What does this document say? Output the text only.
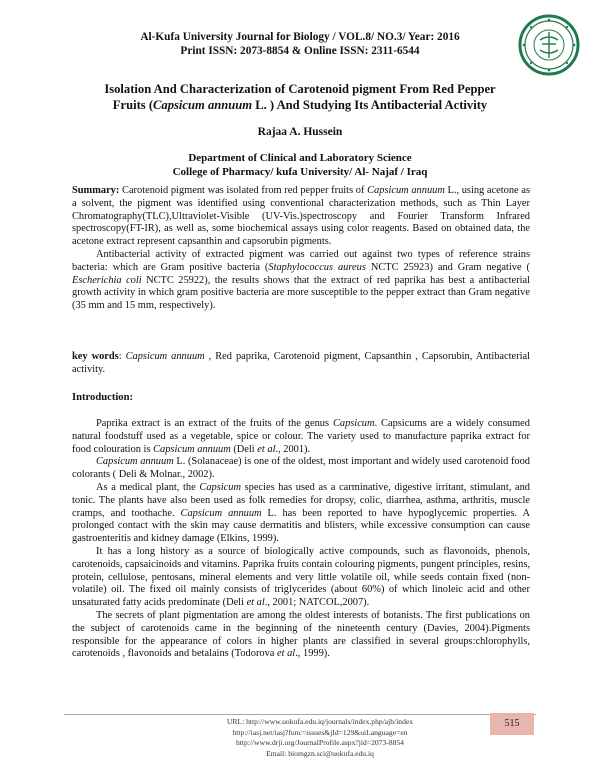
Al-Kufa University Journal for Biology / VOL.8/ NO.3/ Year: 2016
Print ISSN: 2073-8854 & Online ISSN: 2311-6544
Isolation And Characterization of Carotenoid pigment From Red Pepper
Fruits (Capsicum annuum L. ) And Studying Its Antibacterial Activity
Rajaa A. Hussein
Department of Clinical and Laboratory Science
College of Pharmacy/ kufa University/ Al- Najaf / Iraq

Summary: Carotenoid pigment was isolated from red pepper fruits of Capsicum annuum L., using acetone as a solvent, the pigment was identified using conventional characterization methods, such as Thin Layer Chromatography(TLC),Ultraviolet-Visible (UV-Vis.)spectroscopy and Fourier Transform Infrared spectroscopy(FT-IR), as well as, some biochemical assays using color reagents. Based on obtained data, the acetone extract represent capsanthin and capsorubin pigments.

Antibacterial activity of extracted pigment was carried out against two types of reference strains bacteria: which are Gram positive bacteria (Staphylococcus aureus NCTC 25923) and Gram negative ( Escherichia coli NCTC 25922), the results shows that the extract of red paprika has best a antibacterial growth activity in which gram positive bacteria are more susceptible to the pepper extract than Gram negative (35 mm and 15 mm, respectively).

key words: Capsicum annuum , Red paprika, Carotenoid pigment, Capsanthin , Capsorubin, Antibacterial activity.

Introduction:

Paprika extract is an extract of the fruits of the genus Capsicum. Capsicums are a widely consumed natural foodstuff used as a vegetable, spice or colour. The variety used to manufacture paprika extract for food colouration is Capsicum annuum (Deli et al., 2001).

Capsicum annuum L. (Solanaceae) is one of the oldest, most important and widely used carotenoid food colorants ( Deli & Molnar., 2002).

As a medical plant, the Capsicum species has used as a carminative, digestive irritant, stimulant, and tonic. The plants have also been used as folk remedies for dropsy, colic, diarrhea, asthma, arthritis, muscle cramps, and toothache. Capsicum annuum L. has been reported to have hypoglycemic properties. A prolonged contact with the skin may cause dermatitis and blisters, while excessive consumption can cause gastroenteritis and kidney damage (Elkins, 1999).

It has a long history as a source of biologically active compounds, such as flavonoids, phenols, carotenoids, capsaicinoids and vitamins. Paprika fruits contain colouring pigments, pungent principles, resins, protein, cellulose, pentosans, mineral elements and very little volatile oil, while seeds contain fixed (non-volatile) oil. The fixed oil mainly consists of triglycerides (about 60%) of which linoleic acid and other unsaturated fatty acids predominate (Deli et al., 2001; NATCOL,2007).

The secrets of plant pigmentation are among the oldest interests of botanists. The first publications on the subject of carotenoids came in the beginning of the nineteenth century (Davies, 2004).Pigments responsible for the appearance of colors in higher plants are classified in several groups:chlorophylls, carotenoids , flavonoids and betalains (Todorova et al., 1999).

URL: http://www.uokufa.edu.iq/journals/index.php/ajb/index
http://iasj.net/iasj?func=issues&jId=129&uiLanguage=en
http://www.drji.org/JournalProfile.aspx?jid=2073-8854
Email: biomgzn.sci@uokufa.edu.iq
515
